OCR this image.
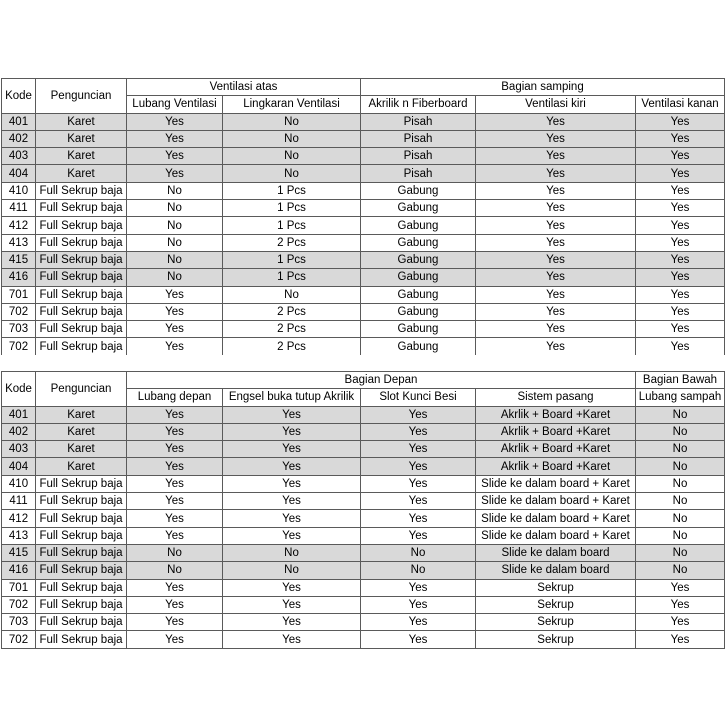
Kode	Penguncian	Ventilasi atas		Bagian samping		
		Lubang Ventilasi	Lingkaran Ventilasi	Akrilik n Fiberboard	Ventilasi kiri	Ventilasi kanan
401	Karet	Yes	No	Pisah	Yes	Yes
402	Karet	Yes	No	Pisah	Yes	Yes
403	Karet	Yes	No	Pisah	Yes	Yes
404	Karet	Yes	No	Pisah	Yes	Yes
410	Full Sekrup baja	No	1 Pcs	Gabung	Yes	Yes
411	Full Sekrup baja	No	1 Pcs	Gabung	Yes	Yes
412	Full Sekrup baja	No	1 Pcs	Gabung	Yes	Yes
413	Full Sekrup baja	No	2 Pcs	Gabung	Yes	Yes
415	Full Sekrup baja	No	1 Pcs	Gabung	Yes	Yes
416	Full Sekrup baja	No	1 Pcs	Gabung	Yes	Yes
701	Full Sekrup baja	Yes	No	Gabung	Yes	Yes
702	Full Sekrup baja	Yes	2 Pcs	Gabung	Yes	Yes
703	Full Sekrup baja	Yes	2 Pcs	Gabung	Yes	Yes
702	Full Sekrup baja	Yes	2 Pcs	Gabung	Yes	Yes
Kode	Penguncian	Bagian Depan				Bagian Bawah
		Lubang depan	Engsel buka tutup Akrilik	Slot Kunci Besi	Sistem pasang	Lubang sampah
401	Karet	Yes	Yes	Yes	Akrlik + Board +Karet	No
402	Karet	Yes	Yes	Yes	Akrlik + Board +Karet	No
403	Karet	Yes	Yes	Yes	Akrlik + Board +Karet	No
404	Karet	Yes	Yes	Yes	Akrlik + Board +Karet	No
410	Full Sekrup baja	Yes	Yes	Yes	Slide ke dalam board + Karet	No
411	Full Sekrup baja	Yes	Yes	Yes	Slide ke dalam board + Karet	No
412	Full Sekrup baja	Yes	Yes	Yes	Slide ke dalam board + Karet	No
413	Full Sekrup baja	Yes	Yes	Yes	Slide ke dalam board + Karet	No
415	Full Sekrup baja	No	No	No	Slide ke dalam board	No
416	Full Sekrup baja	No	No	No	Slide ke dalam board	No
701	Full Sekrup baja	Yes	Yes	Yes	Sekrup	Yes
702	Full Sekrup baja	Yes	Yes	Yes	Sekrup	Yes
703	Full Sekrup baja	Yes	Yes	Yes	Sekrup	Yes
702	Full Sekrup baja	Yes	Yes	Yes	Sekrup	Yes
